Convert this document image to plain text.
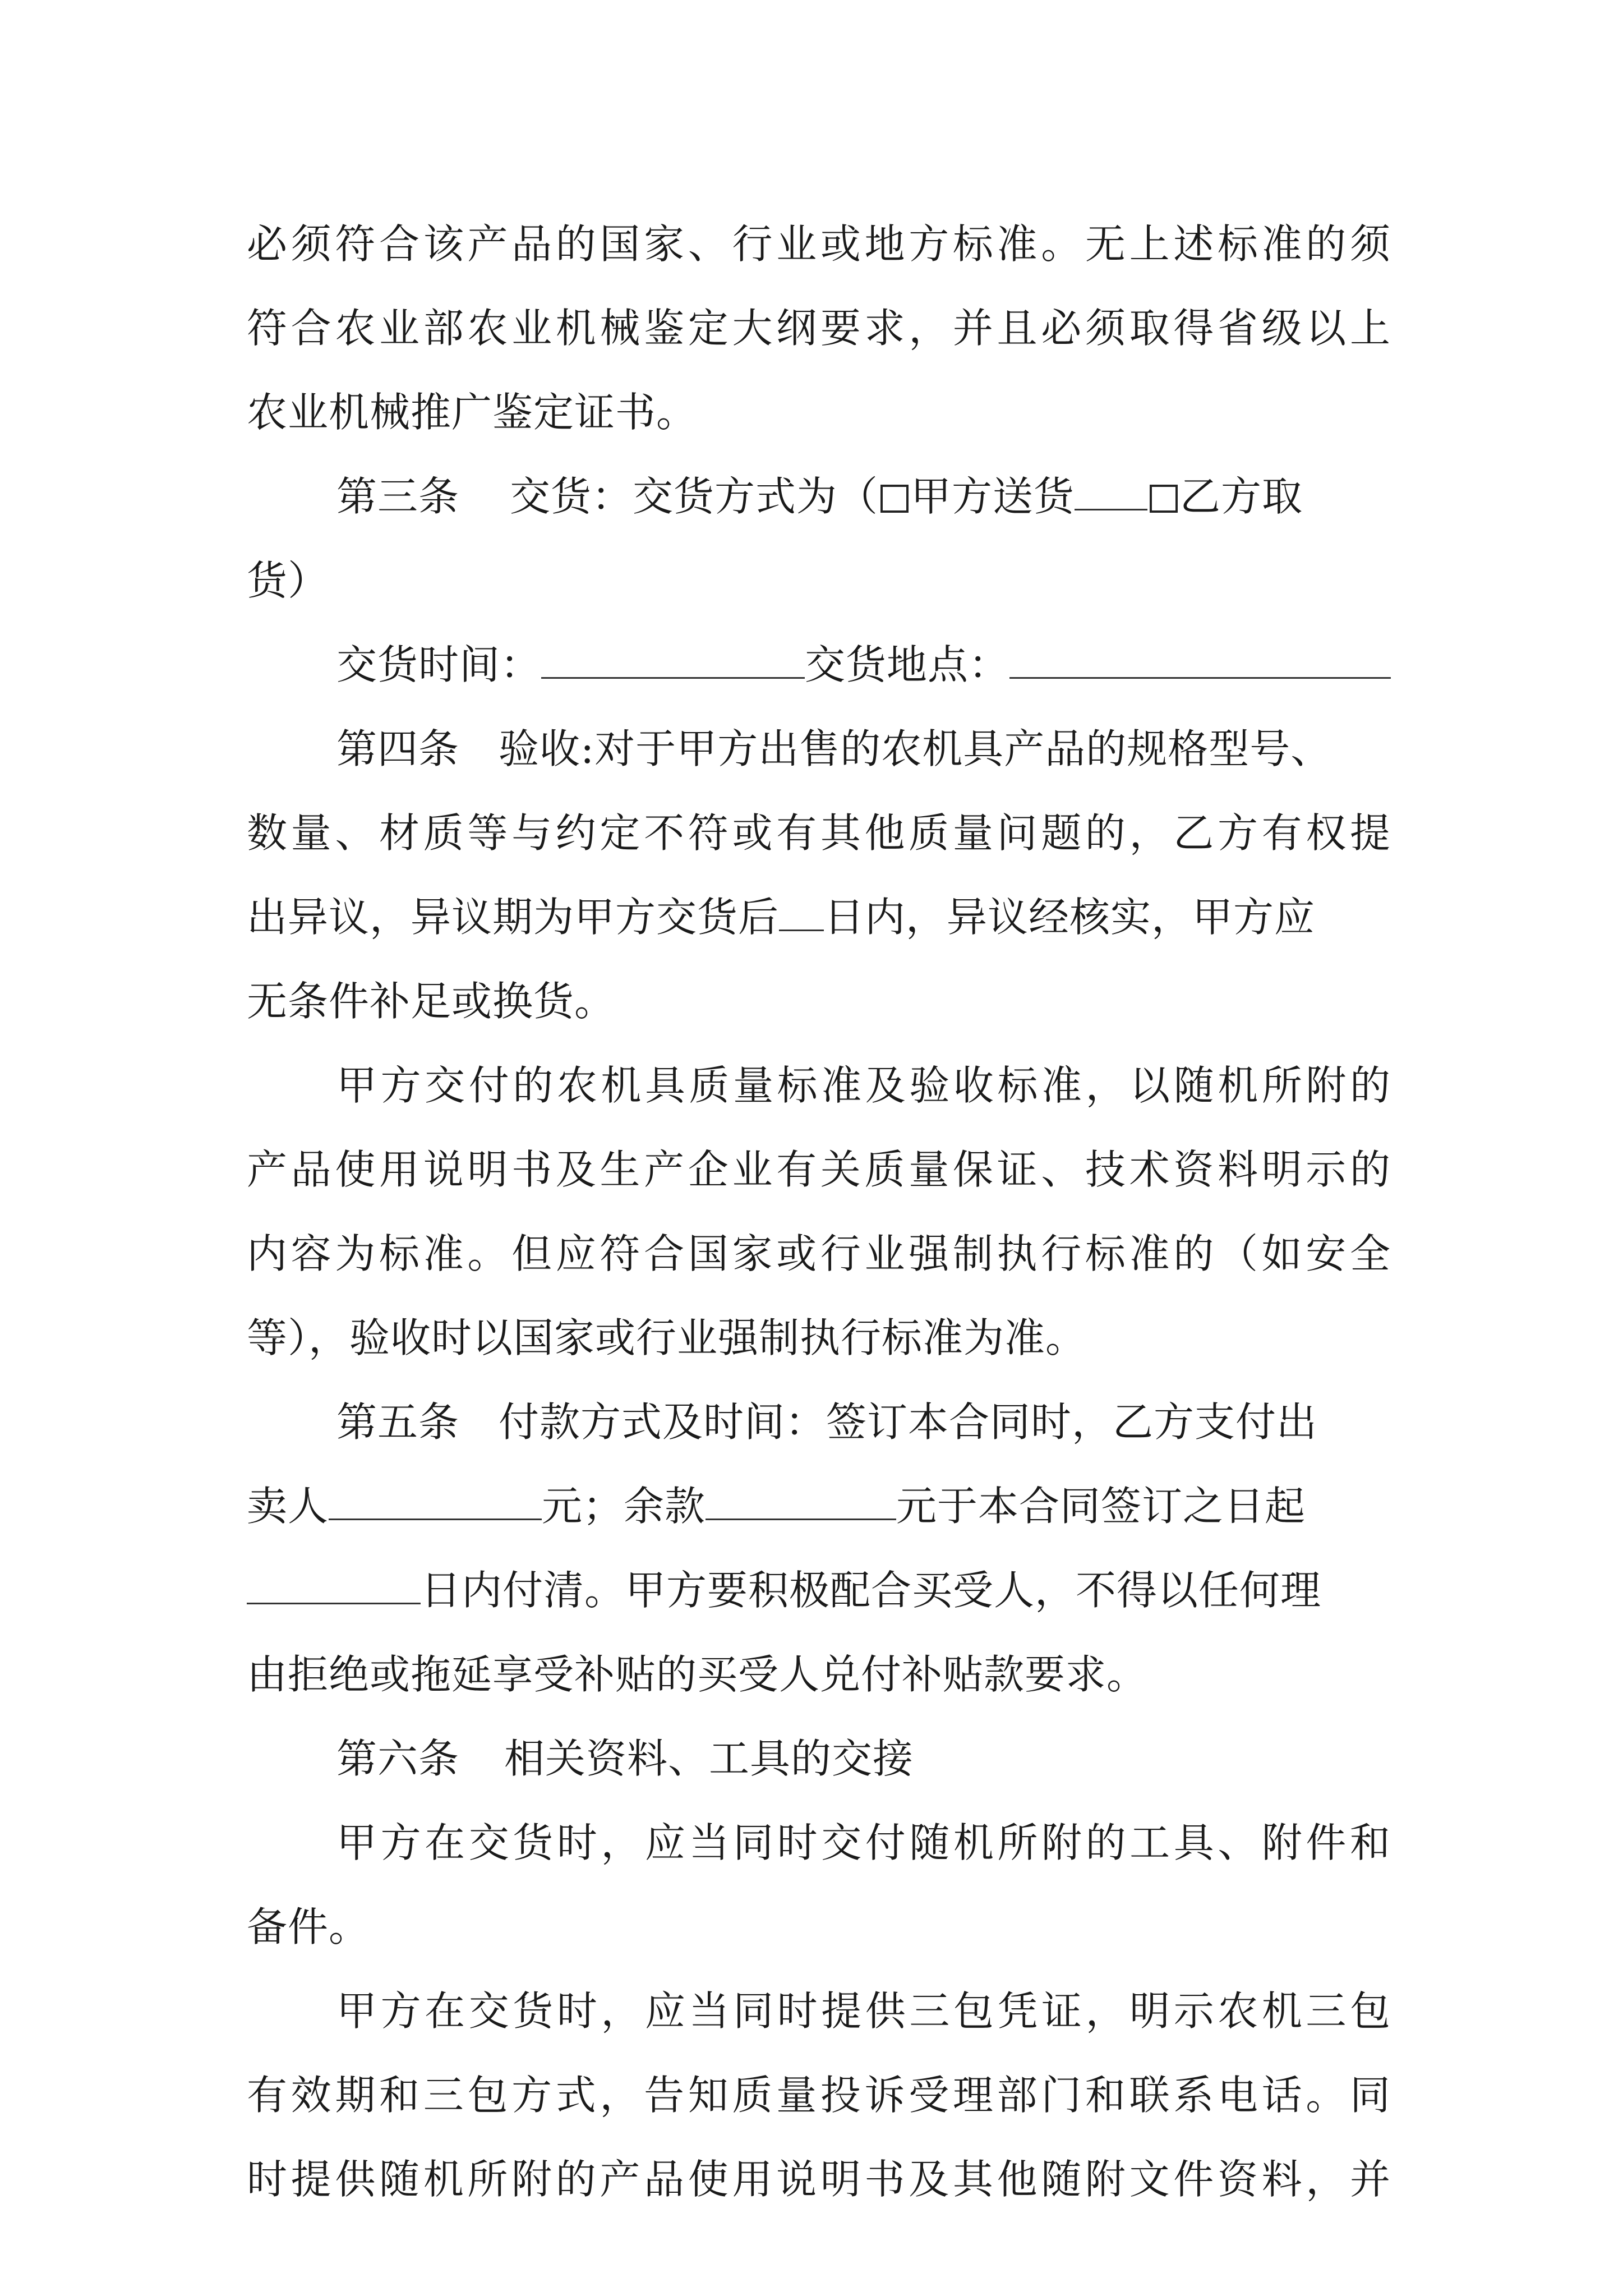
必须符合该产品的国家、行业或地方标准。无上述标准的须
符合农业部农业机械鉴定大纲要求，并且必须取得省级以上
农业机械推广鉴定证书。
第三条 交货：交货方式为（ 甲方送货	乙方取
货）
交货时间：	交货地点：
第四条 验收:对于甲方出售的农机具产品的规格型号、
数量、材质等与约定不符或有其他质量问题的，乙方有权提
出异议，异议期为甲方交货后 日内，异议经核实，甲方应
无条件补足或换货。
甲方交付的农机具质量标准及验收标准，以随机所附的
产品使用说明书及生产企业有关质量保证、技术资料明示的
内容为标准。但应符合国家或行业强制执行标准的（如安全
等），验收时以国家或行业强制执行标准为准。
第五条 付款方式及时间：签订本合同时，乙方支付出
卖人	元；余款	元于本合同签订之日起
日内付清。甲方要积极配合买受人，不得以任何理
由拒绝或拖延享受补贴的买受人兑付补贴款要求。
第六条 相关资料、工具的交接
甲方在交货时，应当同时交付随机所附的工具、附件和
备件。
甲方在交货时，应当同时提供三包凭证，明示农机三包
有效期和三包方式，告知质量投诉受理部门和联系电话。同
时提供随机所附的产品使用说明书及其他随附文件资料，并
